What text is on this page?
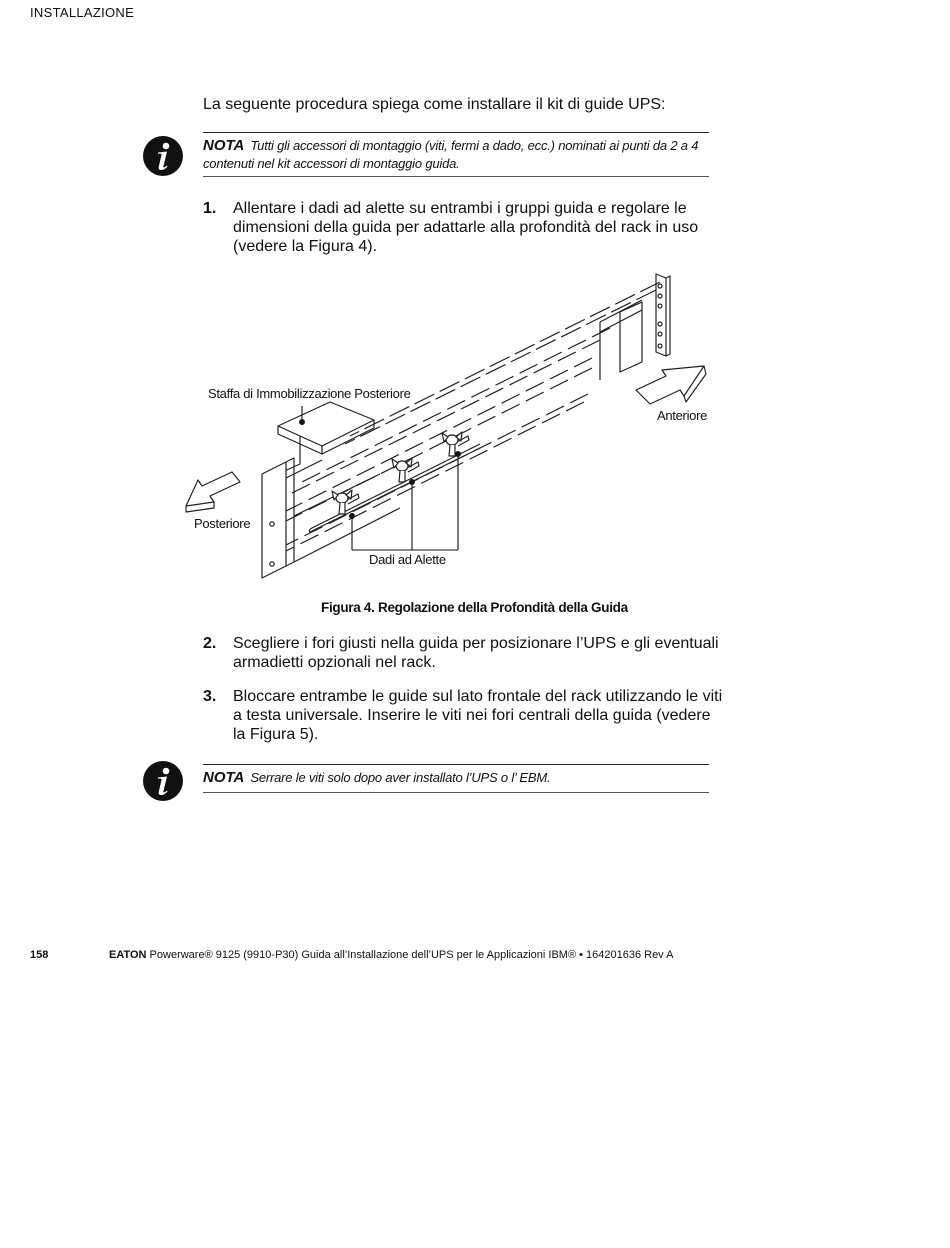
INSTALLAZIONE
La seguente procedura spiega come installare il kit di guide UPS:
NOTA Tutti gli accessori di montaggio (viti, fermi a dado, ecc.) nominati ai punti da 2 a 4 contenuti nel kit accessori di montaggio guida.
1. Allentare i dadi ad alette su entrambi i gruppi guida e regolare le dimensioni della guida per adattarle alla profondità del rack in uso (vedere la Figura 4).
Staffa di Immobilizzazione Posteriore
Anteriore
Posteriore
Dadi ad Alette
Figura 4. Regolazione della Profondità della Guida
2. Scegliere i fori giusti nella guida per posizionare l’UPS e gli eventuali armadietti opzionali nel rack.
3. Bloccare entrambe le guide sul lato frontale del rack utilizzando le viti a testa universale. Inserire le viti nei fori centrali della guida (vedere la Figura 5).
NOTA Serrare le viti solo dopo aver installato l’UPS o l’ EBM.
158	EATON Powerware® 9125 (9910-P30) Guida all’Installazione dell’UPS per le Applicazioni IBM® • 164201636 Rev A
